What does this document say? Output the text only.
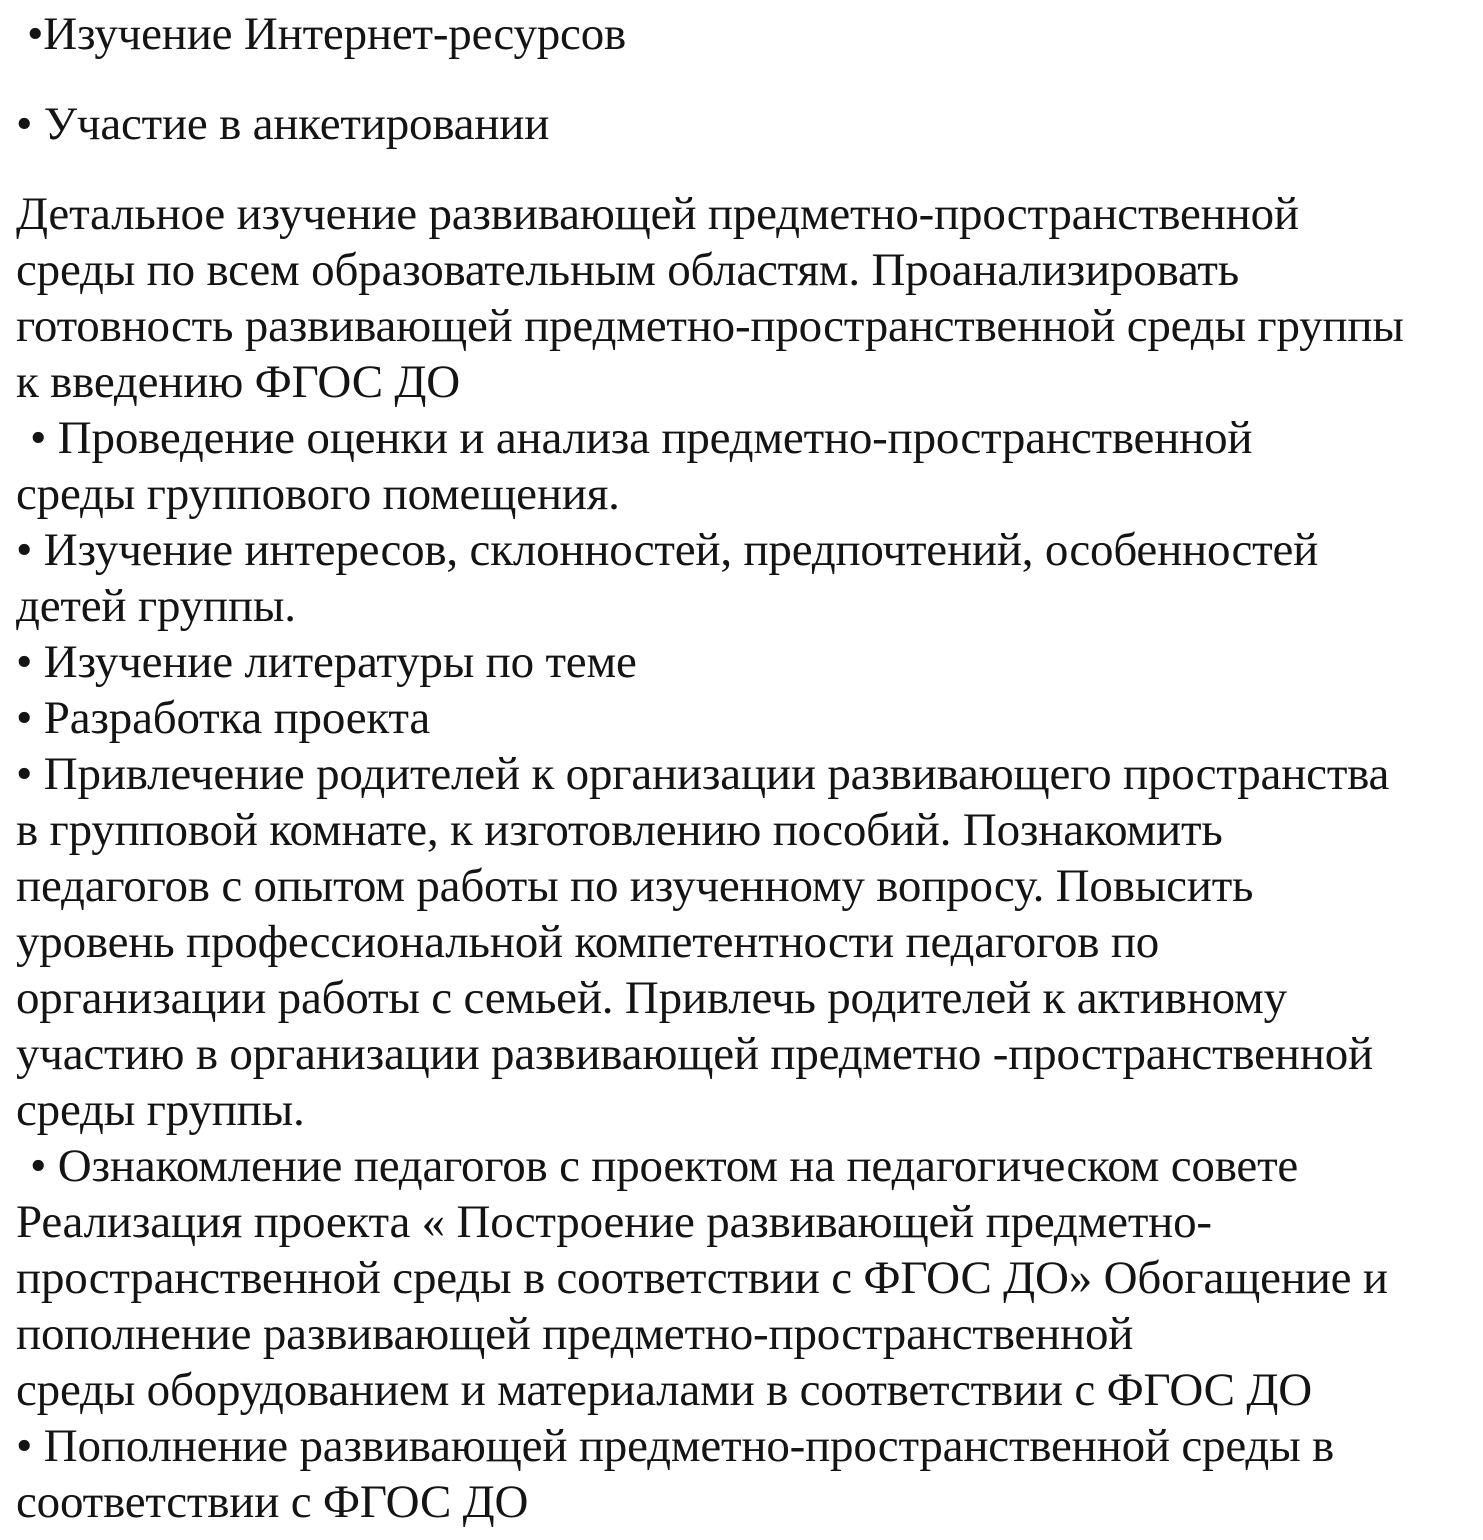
•Изучение Интернет-ресурсов

• Участие в анкетировании

Детальное изучение развивающей предметно-пространственной

среды по всем образовательным областям. Проанализировать

готовность развивающей предметно-пространственной среды группы

к введению ФГОС ДО

• Проведение оценки и анализа предметно-пространственной

среды группового помещения.

• Изучение интересов, склонностей, предпочтений, особенностей

детей группы.

• Изучение литературы по теме

• Разработка проекта

• Привлечение родителей к организации развивающего пространства

в групповой комнате, к изготовлению пособий. Познакомить

педагогов с опытом работы по изученному вопросу. Повысить

уровень профессиональной компетентности педагогов по

организации работы с семьей. Привлечь родителей к активному

участию в организации развивающей предметно -пространственной

среды группы.

• Ознакомление педагогов с проектом на педагогическом совете

Реализация проекта « Построение развивающей предметно-

пространственной среды в соответствии с ФГОС ДО» Обогащение и

пополнение развивающей предметно-пространственной

среды оборудованием и материалами в соответствии с ФГОС ДО

• Пополнение развивающей предметно-пространственной среды в

соответствии с ФГОС ДО
